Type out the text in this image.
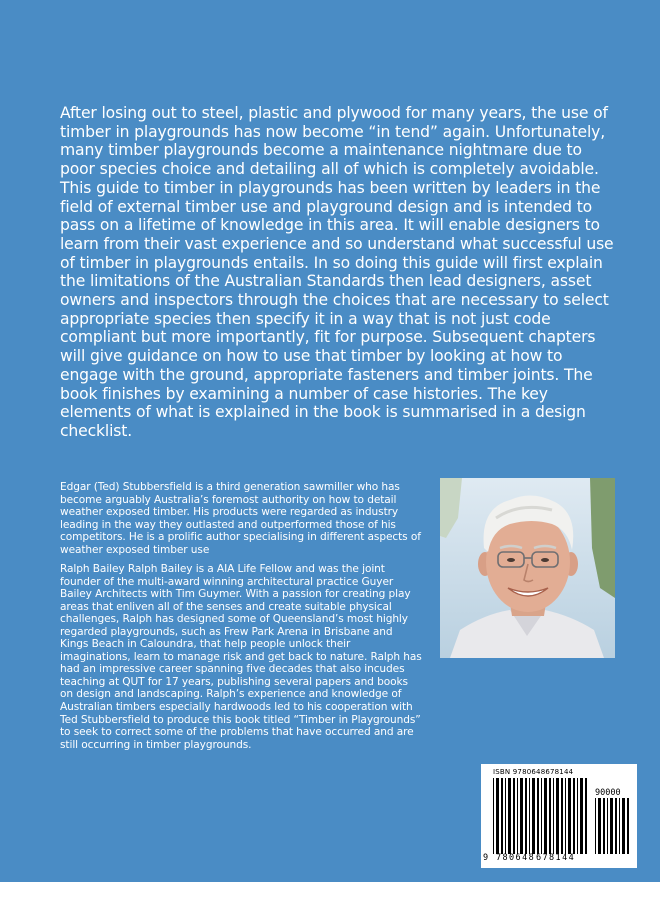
After losing out to steel, plastic and plywood for many years, the use of timber in playgrounds has now become “in tend” again. Unfortunately, many timber playgrounds become a maintenance nightmare due to poor species choice and detailing all of which is completely avoidable. This guide to timber in playgrounds has been written by leaders in the field of external timber use and playground design and is intended to pass on a lifetime of knowledge in this area. It will enable designers to learn from their vast experience and so understand what successful use of timber in playgrounds entails. In so doing this guide will first explain the limitations of the Australian Standards then lead designers, asset owners and inspectors through the choices that are necessary to select appropriate species then specify it in a way that is not just code compliant but more importantly, fit for purpose. Subsequent chapters will give guidance on how to use that timber by looking at how to engage with the ground, appropriate fasteners and timber joints. The book finishes by examining a number of case histories. The key elements of what is explained in the book is summarised in a design checklist.

Edgar (Ted) Stubbersfield is a third generation sawmiller who has become arguably Australia’s foremost authority on how to detail weather exposed timber. His products were regarded as industry leading in the way they outlasted and outperformed those of his competitors. He is a prolific author specialising in different aspects of weather exposed timber use

Ralph Bailey Ralph Bailey is a AIA Life Fellow and was the joint founder of the multi-award winning architectural practice Guyer Bailey Architects with Tim Guymer. With a passion for creating play areas that enliven all of the senses and create suitable physical challenges, Ralph has designed some of Queensland’s most highly regarded playgrounds, such as Frew Park Arena in Brisbane and Kings Beach in Caloundra, that help people unlock their imaginations, learn to manage risk and get back to nature. Ralph has had an impressive career spanning five decades that also incudes teaching at QUT for 17 years, publishing several papers and books on design and landscaping. Ralph’s experience and knowledge of Australian timbers especially hardwoods led to his cooperation with Ted Stubbersfield to produce this book titled “Timber in Playgrounds” to seek to correct some of the problems that have occurred and are still occurring in timber playgrounds.

ISBN 9780648678144
90000
9 780648 678144
